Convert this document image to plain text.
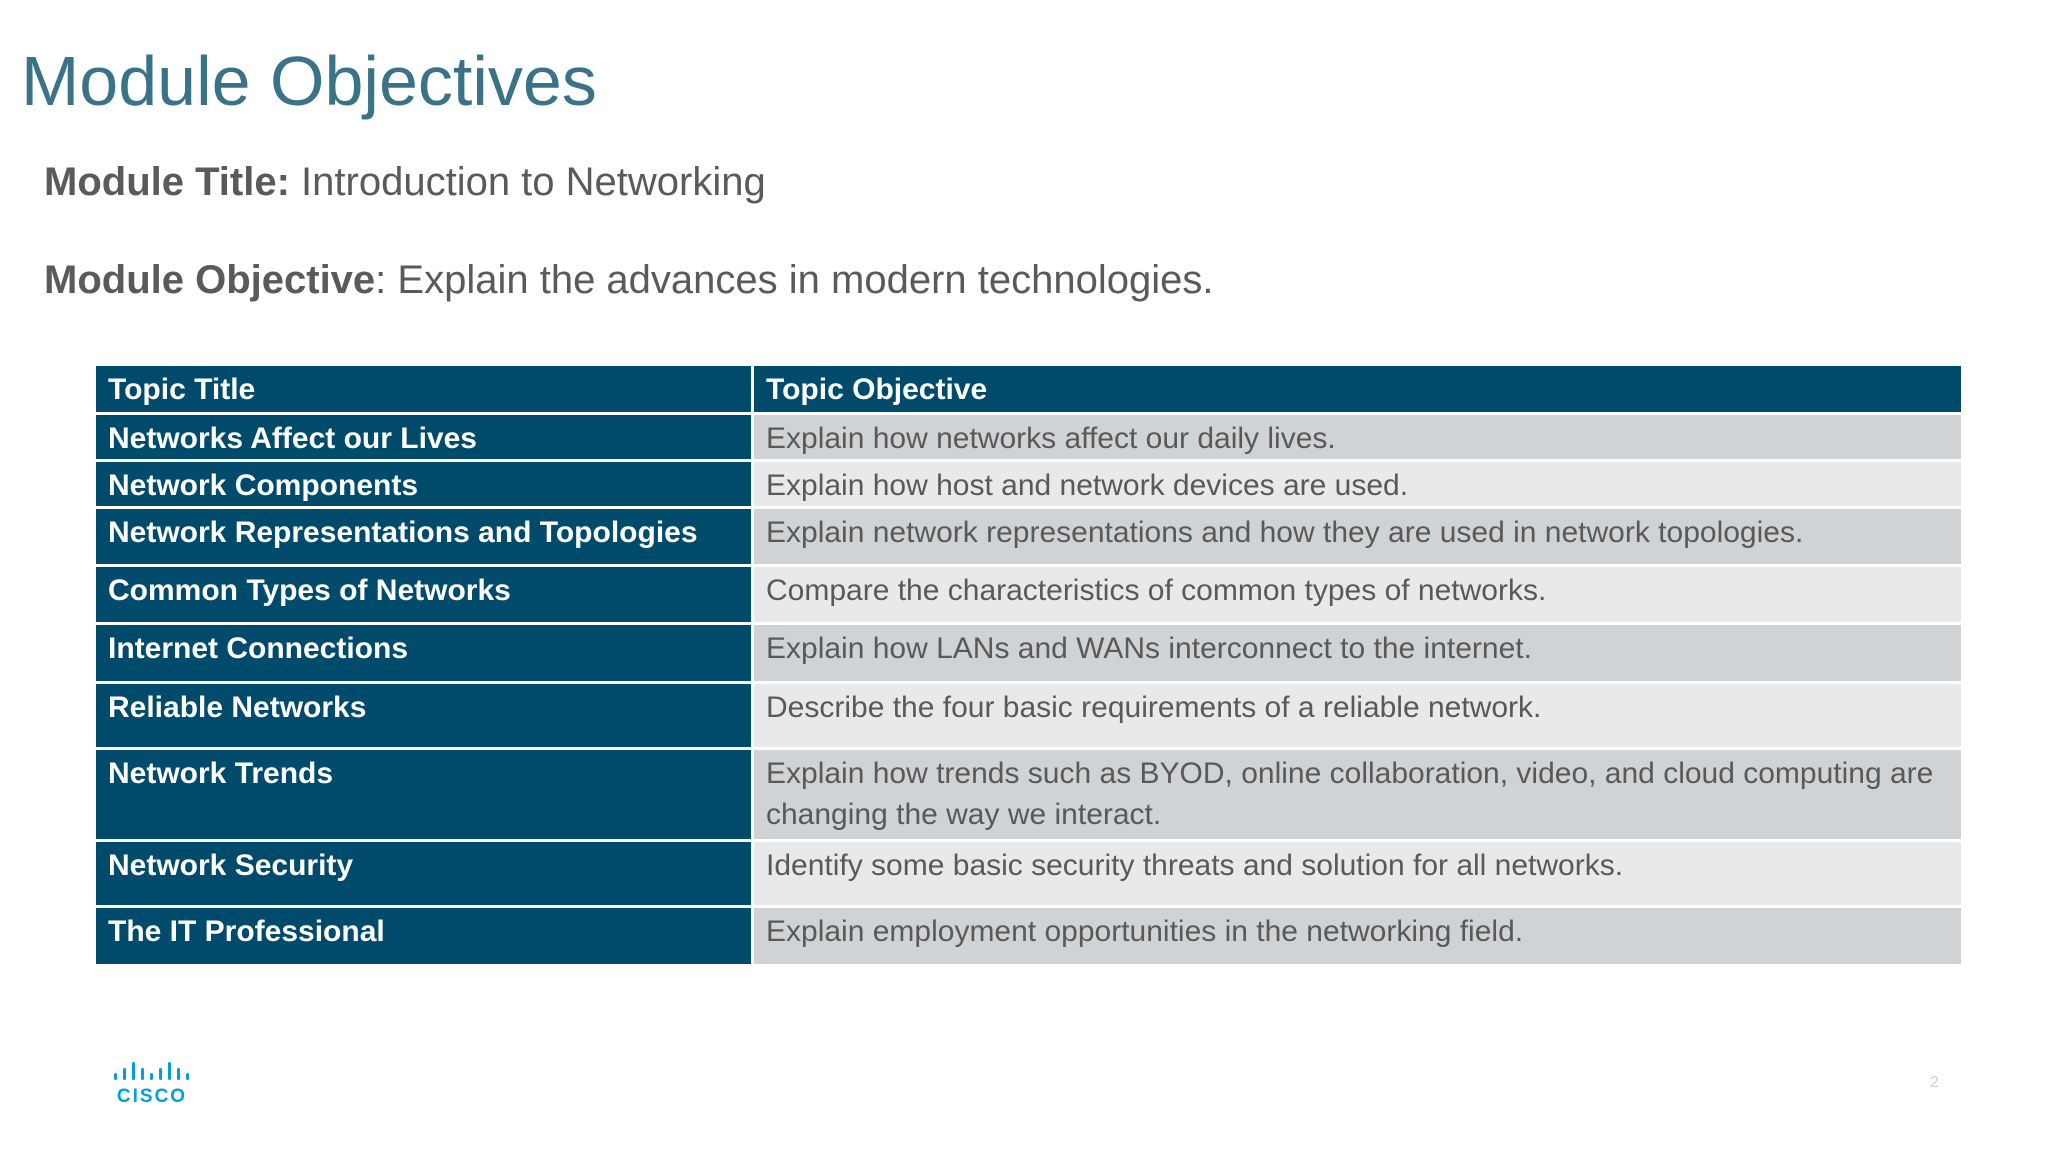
Module Objectives

Module Title: Introduction to Networking

Module Objective: Explain the advances in modern technologies.

Topic Title	Topic Objective
Networks Affect our Lives	Explain how networks affect our daily lives.
Network Components	Explain how host and network devices are used.
Network Representations and Topologies	Explain network representations and how they are used in network topologies.
Common Types of Networks	Compare the characteristics of common types of networks.
Internet Connections	Explain how LANs and WANs interconnect to the internet.
Reliable Networks	Describe the four basic requirements of a reliable network.
Network Trends	Explain how trends such as BYOD, online collaboration, video, and cloud computing are changing the way we interact.
Network Security	Identify some basic security threats and solution for all networks.
The IT Professional	Explain employment opportunities in the networking field.
CISCO
2
